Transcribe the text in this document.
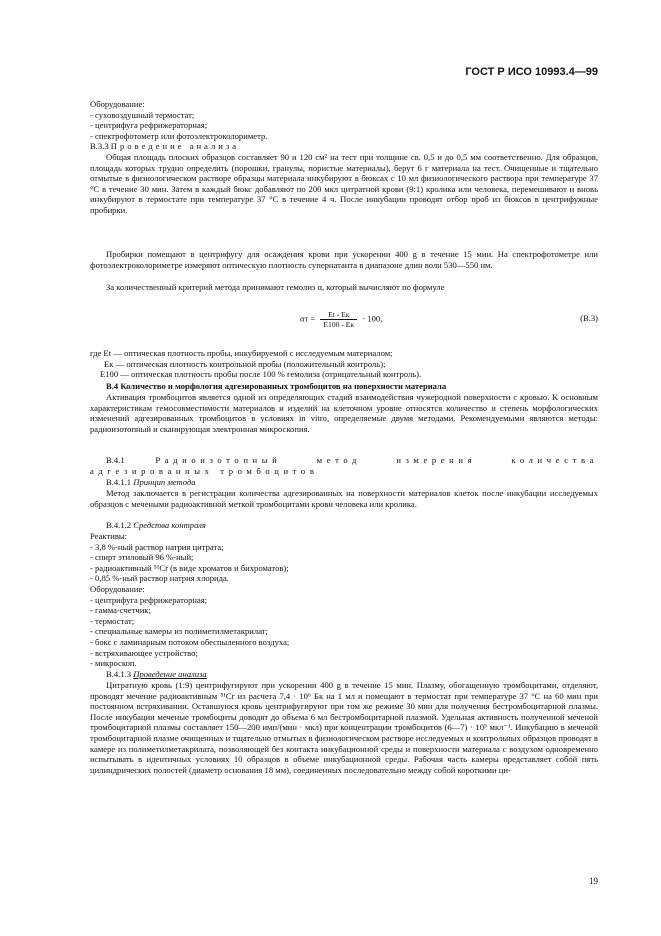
ГОСТ Р ИСО 10993.4—99
Оборудование:
- суховоздушный термостат;
- центрифуга рефрижераторная;
- спектрофотометр или фотоэлектроколориметр.
В.3.3 Проведение анализа

Общая площадь плоских образцов составляет 90 и 120 см² на тест при толщине св. 0,5 и до 0,5 мм соответственно. Для образцов, площадь которых трудно определить (порошки, гранулы, пористые материалы), берут 6 г материала на тест. Очищенные и тщательно отмытые в физиологическом растворе образцы материала инкубируют в бюксах с 10 мл физиологического раствора при температуре 37 °С в течение 30 мин. Затем в каждый бюкс добавляют по 200 мкл цитратной крови (9:1) кролика или человека, перемешивают и вновь инкубируют в термостате при температуре 37 °С в течение 4 ч. После инкубации проводят отбор проб из бюксов в центрифужные пробирки.

Пробирки помещают в центрифугу для осаждения крови при ускорении 400 g в течение 15 мин. На спектрофотометре или фотоэлектроколориметре измеряют оптическую плотность супернатанта в диапазоне длин волн 530—550 нм.

За количественный критерий метода принимают гемолиз α, который вычисляют по формуле

$\alpha т = \frac{Еt - Ек}{Е100 - Ек} \cdot 100$,	(В.3)
где Еt — оптическая плотность пробы, инкубируемой с исследуемым материалом;
Ек — оптическая плотность контрольной пробы (положительный контроль);
Е100 — оптическая плотность пробы после 100 % гемолиза (отрицательный контроль).
В.4 Количество и морфология адгезированных тромбоцитов на поверхности материала

Активация тромбоцитов является одной из определяющих стадий взаимодействия чужеродной поверхности с кровью. К основным характеристикам гемосовместимости материалов и изделий на клеточном уровне относятся количество и степень морфологических изменений адгезированных тромбоцитов в условиях in vitro, определяемые двумя методами. Рекомендуемыми являются методы: радиоизотопный и сканирующая электронная микроскопия.

В.4.1	Радиоизотопный метод измерения количества адгезированных тромбоцитов
В.4.1.1 Принцип метода

Метод заключается в регистрации количества адгезированных на поверхности материалов клеток после инкубации исследуемых образцов с мечеными радиоактивной меткой тромбоцитами крови человека или кролика.

В.4.1.2 Средства контроля
Реактивы:
- 3,8 %-ный раствор натрия цитрата;
- спирт этиловый 96 %-ный;
- радиоактивный ⁵¹Cr (в виде хроматов и бихроматов);
- 0,85 %-ный раствор натрия хлорида.
Оборудование:
- центрифуга рефрижераторная;
- гамма-счетчик;
- термостат;
- специальные камеры из полиметилметакрилат;
- бокс с ламинарным потоком обеспыленного воздуха;
- встряхивающее устройство;
- микроскоп.
В.4.1.3 Проведение анализа

Цитратную кровь (1:9) центрифугируют при ускорении 400 g в течение 15 мин. Плазму, обогащенную тромбоцитами, отделяют, проводят мечение радиоактивным ⁵¹Cr из расчета 7,4 · 10⁶ Бк на 1 мл и помещают в термостат при температуре 37 °С на 60 мин при постоянном встряхивании. Оставшуюся кровь центрифугируют при том же режиме 30 мин для получения бестромбоцитарной плазмы. После инкубации меченые тромбоциты доводят до объема 6 мл бестромбоцитарной плазмой. Удельная активность полученной меченой тромбоцитарной плазмы составляет 150—200 имп/(мин · мкл) при концентрации тромбоцитов (6—7) · 10⁵ мкл⁻¹. Инкубацию в меченой тромбоцитарной плазме очищенных и тщательно отмытых в физиологическом растворе исследуемых и контрольных образцов проводят в камере из полиметилметакрилата, позволяющей без контакта инкубационной среды и поверхности материала с воздухом одновременно испытывать в идентичных условиях 10 образцов в объеме инкубационной среды. Рабочая часть камеры представляет собой пять цилиндрических полостей (диаметр основания 18 мм), соединенных последовательно между собой короткими ци-

19
